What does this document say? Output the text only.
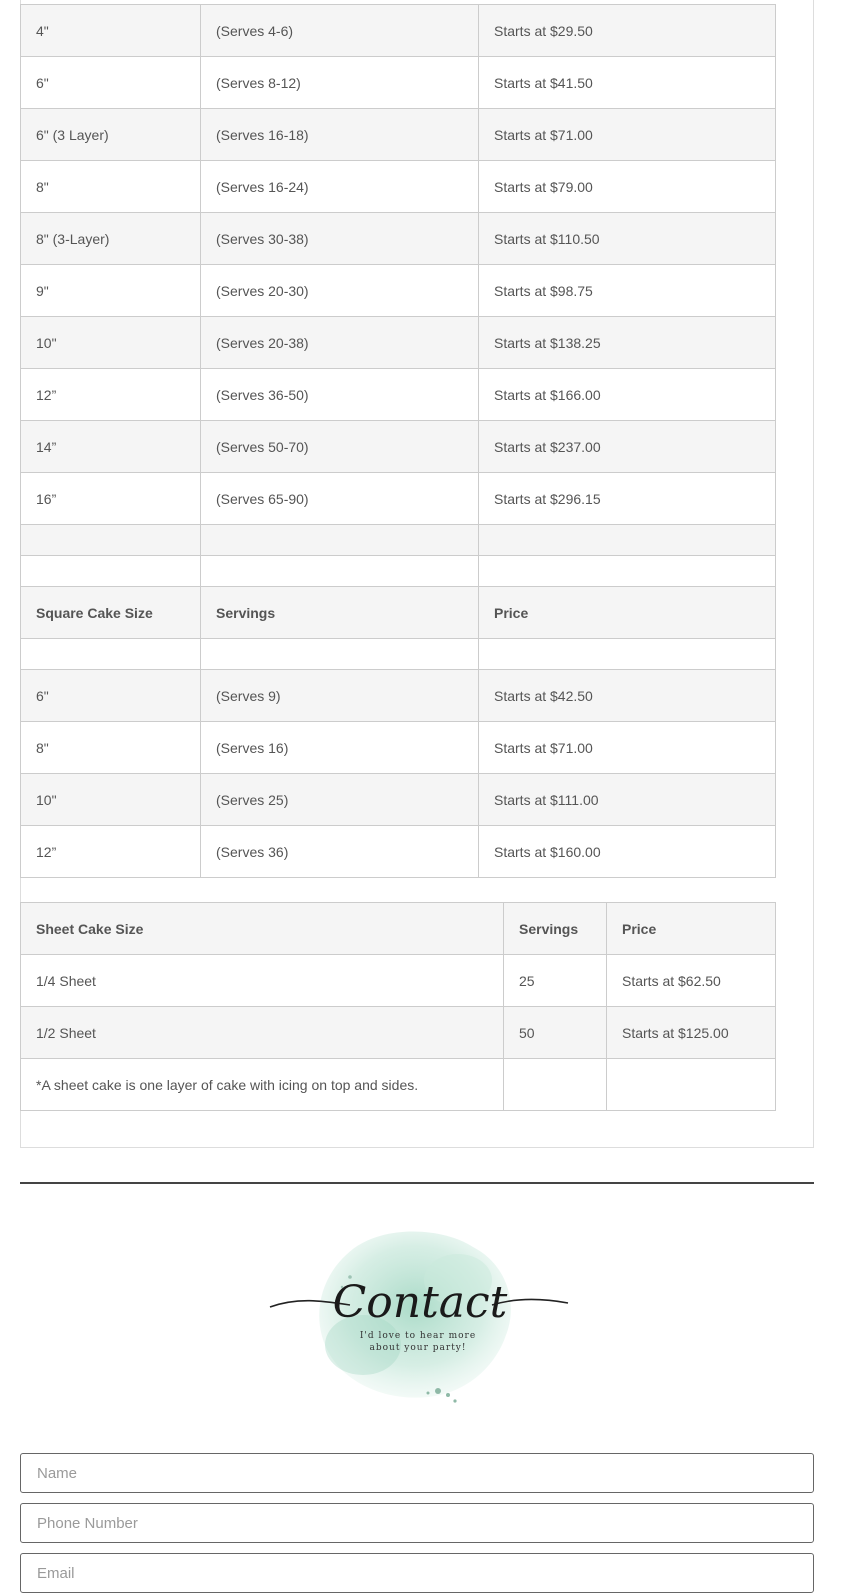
4"	(Serves 4-6)	Starts at $29.50
6"	(Serves 8-12)	Starts at $41.50
6" (3 Layer)	(Serves 16-18)	Starts at $71.00
8"	(Serves 16-24)	Starts at $79.00
8" (3-Layer)	(Serves 30-38)	Starts at $110.50
9"	(Serves 20-30)	Starts at $98.75
10"	(Serves 20-38)	Starts at $138.25
12”	(Serves 36-50)	Starts at $166.00
14”	(Serves 50-70)	Starts at $237.00
16”	(Serves 65-90)	Starts at $296.15

Square Cake Size	Servings	Price

6"	(Serves 9)	Starts at $42.50
8"	(Serves 16)	Starts at $71.00
10"	(Serves 25)	Starts at $111.00
12”	(Serves 36)	Starts at $160.00
Sheet Cake Size	Servings	Price
1/4 Sheet	25	Starts at $62.50
1/2 Sheet	50	Starts at $125.00
*A sheet cake is one layer of cake with icing on top and sides.		
Contact
I'd love to hear more
about your party!
Name
Phone Number
Email
